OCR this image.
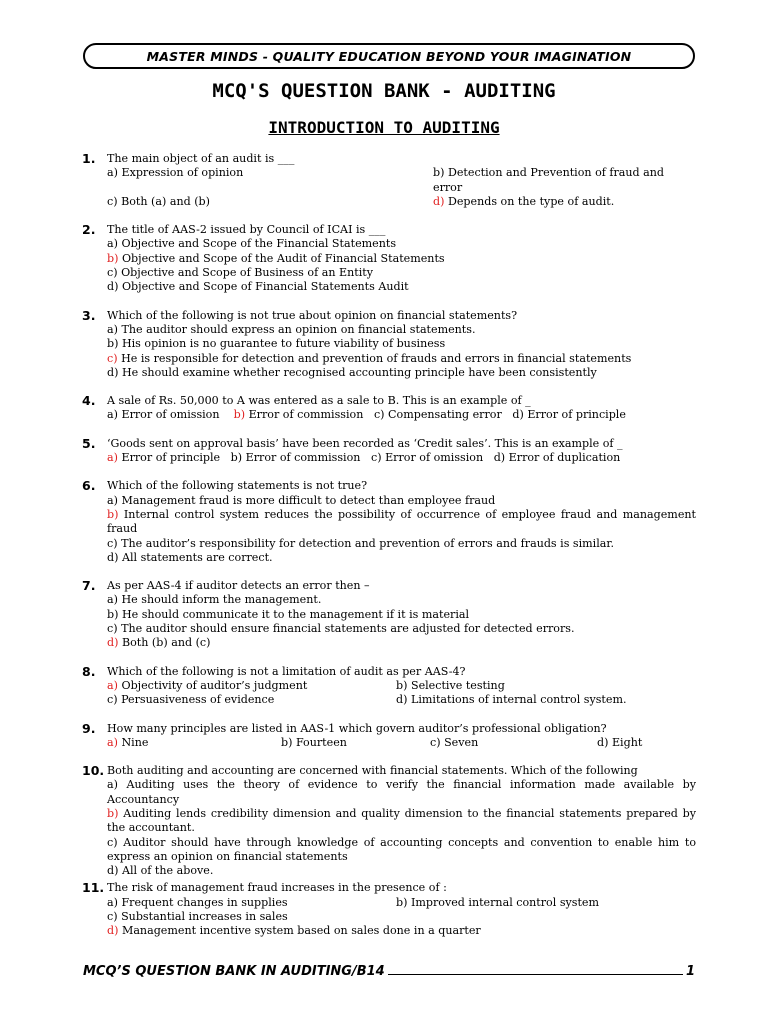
MASTER MINDS - QUALITY EDUCATION BEYOND YOUR IMAGINATION
MCQ'S QUESTION BANK - AUDITING
INTRODUCTION TO AUDITING
1.	The main object of an audit is ___
a) Expression of opinion	b) Detection and Prevention of fraud and error
c) Both (a) and (b)	d) Depends on the type of audit.
2.	The title of AAS-2 issued by Council of ICAI is ___
a) Objective and Scope of the Financial Statements
b) Objective and Scope of the Audit of Financial Statements
c) Objective and Scope of Business of an Entity
d) Objective and Scope of Financial Statements Audit
3.	Which of the following is not true about opinion on financial statements?
a) The auditor should express an opinion on financial statements.
b) His opinion is no guarantee to future viability of business
c) He is responsible for detection and prevention of frauds and errors in financial statements
d) He should examine whether recognised accounting principle have been consistently
4.	A sale of Rs. 50,000 to A was entered as a sale to B. This is an example of _
a) Error of omission b) Error of commission c) Compensating error d) Error of principle
5.	‘Goods sent on approval basis’ have been recorded as ‘Credit sales’. This is an example of _
a) Error of principle b) Error of commission c) Error of omission d) Error of duplication
6.	Which of the following statements is not true?
a) Management fraud is more difficult to detect than employee fraud
b) Internal control system reduces the possibility of occurrence of employee fraud and management fraud
c) The auditor’s responsibility for detection and prevention of errors and frauds is similar.
d) All statements are correct.
7.	As per AAS-4 if auditor detects an error then –
a) He should inform the management.
b) He should communicate it to the management if it is material
c) The auditor should ensure financial statements are adjusted for detected errors.
d) Both (b) and (c)
8.	Which of the following is not a limitation of audit as per AAS-4?
a) Objectivity of auditor’s judgment	b) Selective testing
c) Persuasiveness of evidence	d) Limitations of internal control system.
9.	How many principles are listed in AAS-1 which govern auditor’s professional obligation?
a) Nine	b) Fourteen	c) Seven	d) Eight
10. Both auditing and accounting are concerned with financial statements. Which of the following
a) Auditing uses the theory of evidence to verify the financial information made available by Accountancy
b) Auditing lends credibility dimension and quality dimension to the financial statements prepared by the accountant.
c) Auditor should have through knowledge of accounting concepts and convention to enable him to express an opinion on financial statements
d) All of the above.
11. The risk of management fraud increases in the presence of :
a) Frequent changes in supplies	b) Improved internal control system
c) Substantial increases in sales
d) Management incentive system based on sales done in a quarter
MCQ’S QUESTION BANK IN AUDITING/B14	1
